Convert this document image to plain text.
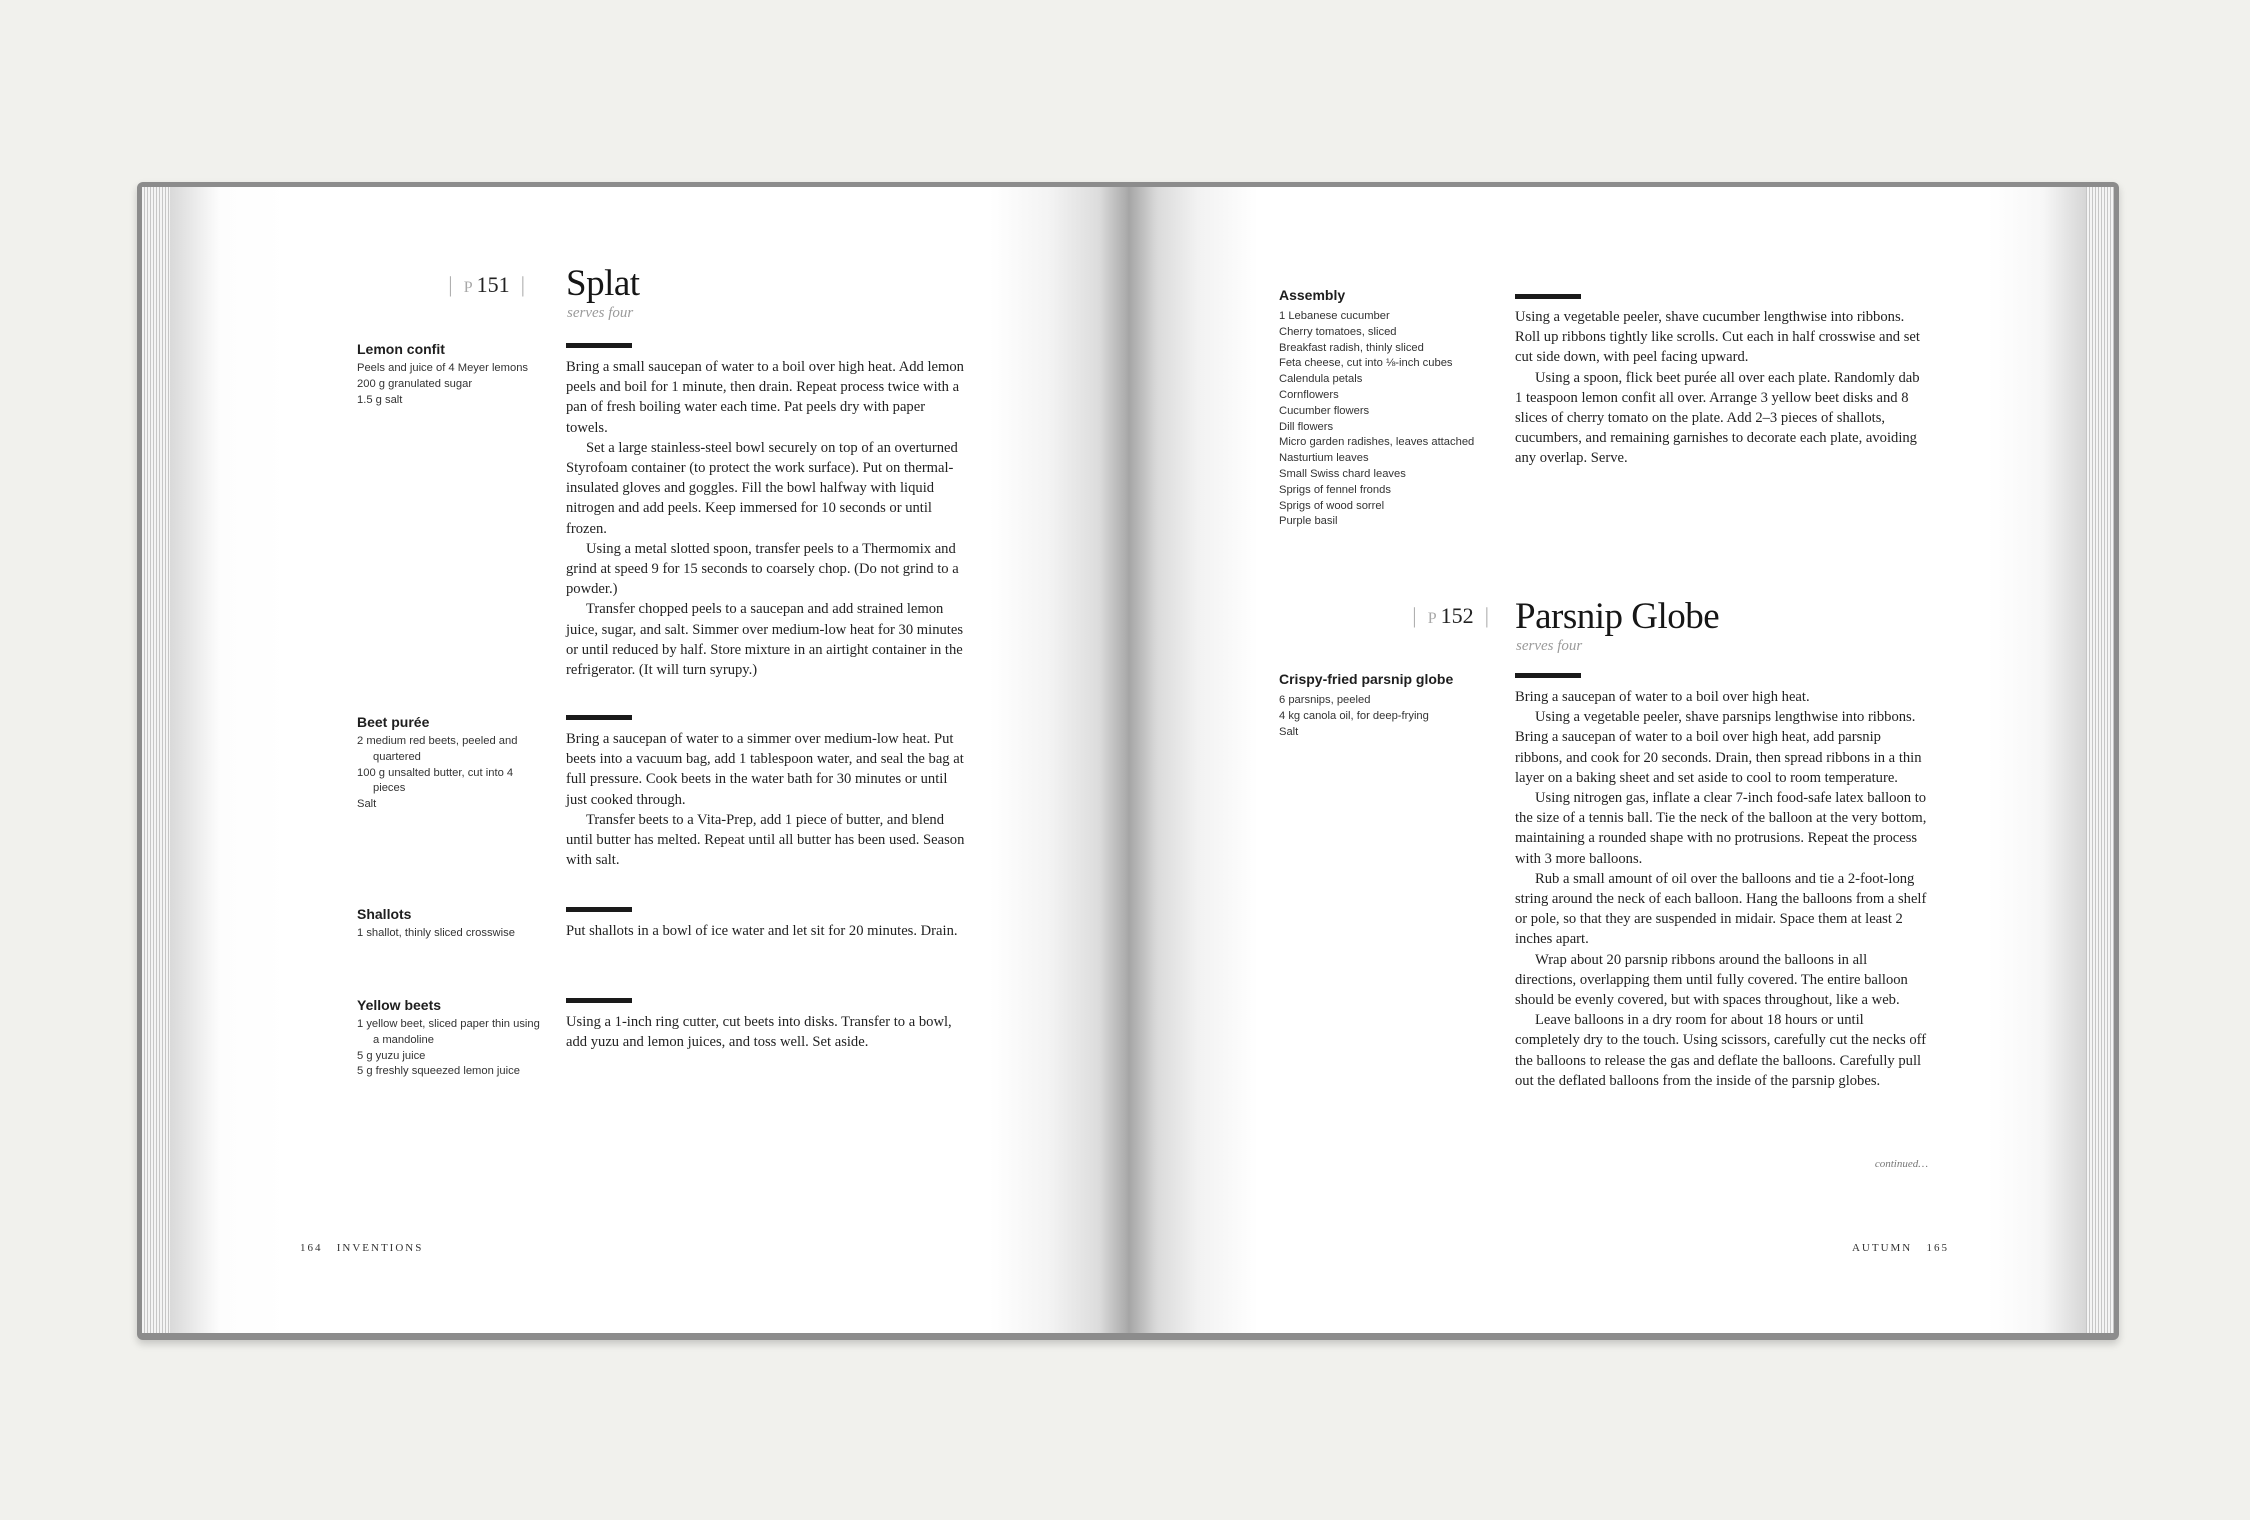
|  P 151  | Splat
serves four
Lemon confit
Peels and juice of 4 Meyer lemons
200 g granulated sugar
1.5 g salt

Bring a small saucepan of water to a boil over high heat. Add lemon peels and boil for 1 minute, then drain. Repeat process twice with a pan of fresh boiling water each time. Pat peels dry with paper towels.

Set a large stainless-steel bowl securely on top of an overturned Styrofoam container (to protect the work surface). Put on thermal-insulated gloves and goggles. Fill the bowl halfway with liquid nitrogen and add peels. Keep immersed for 10 seconds or until frozen.

Using a metal slotted spoon, transfer peels to a Thermomix and grind at speed 9 for 15 seconds to coarsely chop. (Do not grind to a powder.)

Transfer chopped peels to a saucepan and add strained lemon juice, sugar, and salt. Simmer over medium-low heat for 30 minutes or until reduced by half. Store mixture in an airtight container in the refrigerator. (It will turn syrupy.)

Beet purée
2 medium red beets, peeled and quartered
100 g unsalted butter, cut into 4 pieces
Salt

Bring a saucepan of water to a simmer over medium-low heat. Put beets into a vacuum bag, add 1 tablespoon water, and seal the bag at full pressure. Cook beets in the water bath for 30 minutes or until just cooked through.

Transfer beets to a Vita-Prep, add 1 piece of butter, and blend until butter has melted. Repeat until all butter has been used. Season with salt.

Shallots
1 shallot, thinly sliced crosswise	Put shallots in a bowl of ice water and let sit for 20 minutes. Drain.

Yellow beets
1 yellow beet, sliced paper thin using a mandoline
5 g yuzu juice
5 g freshly squeezed lemon juice

Using a 1-inch ring cutter, cut beets into disks. Transfer to a bowl, add yuzu and lemon juices, and toss well. Set aside.

164 INVENTIONS
Assembly
1 Lebanese cucumber
Cherry tomatoes, sliced
Breakfast radish, thinly sliced
Feta cheese, cut into ⅛-inch cubes
Calendula petals
Cornflowers
Cucumber flowers
Dill flowers
Micro garden radishes, leaves attached
Nasturtium leaves
Small Swiss chard leaves
Sprigs of fennel fronds
Sprigs of wood sorrel
Purple basil

Using a vegetable peeler, shave cucumber lengthwise into ribbons. Roll up ribbons tightly like scrolls. Cut each in half crosswise and set cut side down, with peel facing upward.

Using a spoon, flick beet purée all over each plate. Randomly dab 1 teaspoon lemon confit all over. Arrange 3 yellow beet disks and 8 slices of cherry tomato on the plate. Add 2–3 pieces of shallots, cucumbers, and remaining garnishes to decorate each plate, avoiding any overlap. Serve.

|  P 152  | Parsnip Globe
serves four
Crispy-fried parsnip globe
6 parsnips, peeled
4 kg canola oil, for deep-frying
Salt

Bring a saucepan of water to a boil over high heat.

Using a vegetable peeler, shave parsnips lengthwise into ribbons. Bring a saucepan of water to a boil over high heat, add parsnip ribbons, and cook for 20 seconds. Drain, then spread ribbons in a thin layer on a baking sheet and set aside to cool to room temperature.

Using nitrogen gas, inflate a clear 7-inch food-safe latex balloon to the size of a tennis ball. Tie the neck of the balloon at the very bottom, maintaining a rounded shape with no protrusions. Repeat the process with 3 more balloons.

Rub a small amount of oil over the balloons and tie a 2-foot-long string around the neck of each balloon. Hang the balloons from a shelf or pole, so that they are suspended in midair. Space them at least 2 inches apart.

Wrap about 20 parsnip ribbons around the balloons in all directions, overlapping them until fully covered. The entire balloon should be evenly covered, but with spaces throughout, like a web.

Leave balloons in a dry room for about 18 hours or until completely dry to the touch. Using scissors, carefully cut the necks off the balloons to release the gas and deflate the balloons. Carefully pull out the deflated balloons from the inside of the parsnip globes.

continued…
AUTUMN 165
